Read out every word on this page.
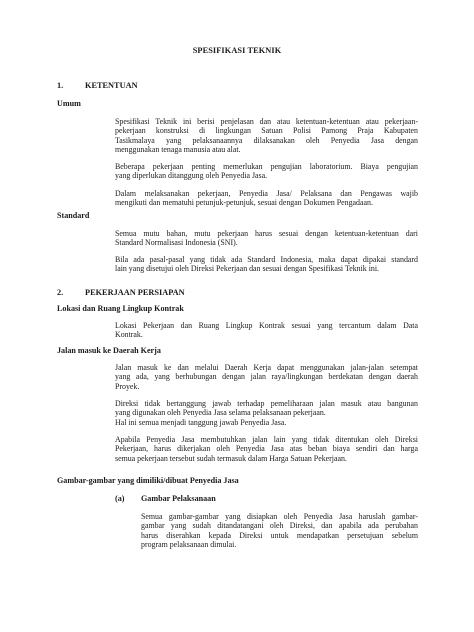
SPESIFIKASI TEKNIK
1.	KETENTUAN
Umum
Spesifikasi Teknik ini berisi penjelasan dan atau ketentuan-ketentuan atau pekerjaan-
pekerjaan konstruksi di lingkungan Satuan Polisi Pamong Praja Kabupaten
Tasikmalaya yang pelaksanaannya dilaksanakan oleh Penyedia Jasa dengan
menggunakan tenaga manusia atau alat.
Beberapa pekerjaan penting memerlukan pengujian laboratorium. Biaya pengujian
yang diperlukan ditanggung oleh Penyedia Jasa.
Dalam melaksanakan pekerjaan, Penyedia Jasa/ Pelaksana dan Pengawas wajib
mengikuti dan mematuhi petunjuk-petunjuk, sesuai dengan Dokumen Pengadaan.
Standard
Semua mutu bahan, mutu pekerjaan harus sesuai dengan ketentuan-ketentuan dari
Standard Normalisasi Indonesia (SNI).
Bila ada pasal-pasal yang tidak ada Standard Indonesia, maka dapat dipakai standard
lain yang disetujui oleh Direksi Pekerjaan dan sesuai dengan Spesifikasi Teknik ini.
2.	PEKERJAAN PERSIAPAN
Lokasi dan Ruang Lingkup Kontrak
Lokasi Pekerjaan dan Ruang Lingkup Kontrak sesuai yang tercantum dalam Data
Kontrak.
Jalan masuk ke Daerah Kerja
Jalan masuk ke dan melalui Daerah Kerja dapat menggunakan jalan-jalan setempat
yang ada, yang berhubungan dengan jalan raya/lingkungan berdekatan dengan daerah
Proyek.
Direksi tidak bertanggung jawab terhadap pemeliharaan jalan masuk atau bangunan
yang digunakan oleh Penyedia Jasa selama pelaksanaan pekerjaan.
Hal ini semua menjadi tanggung jawab Penyedia Jasa.
Apabila Penyedia Jasa membutuhkan jalan lain yang tidak ditentukan oleh Direksi
Pekerjaan, harus dikerjakan oleh Penyedia Jasa atas beban biaya sendiri dan harga
semua pekerjaan tersebut sudah termasuk dalam Harga Satuan Pekerjaan.
Gambar-gambar yang dimiliki/dibuat Penyedia Jasa
(a) Gambar Pelaksanaan
Semua gambar-gambar yang disiapkan oleh Penyedia Jasa haruslah gambar-
gambar yang sudah ditandatangani oleh Direksi, dan apabila ada perubahan
harus diserahkan kepada Direksi untuk mendapatkan persetujuan sebelum
program pelaksanaan dimulai.
